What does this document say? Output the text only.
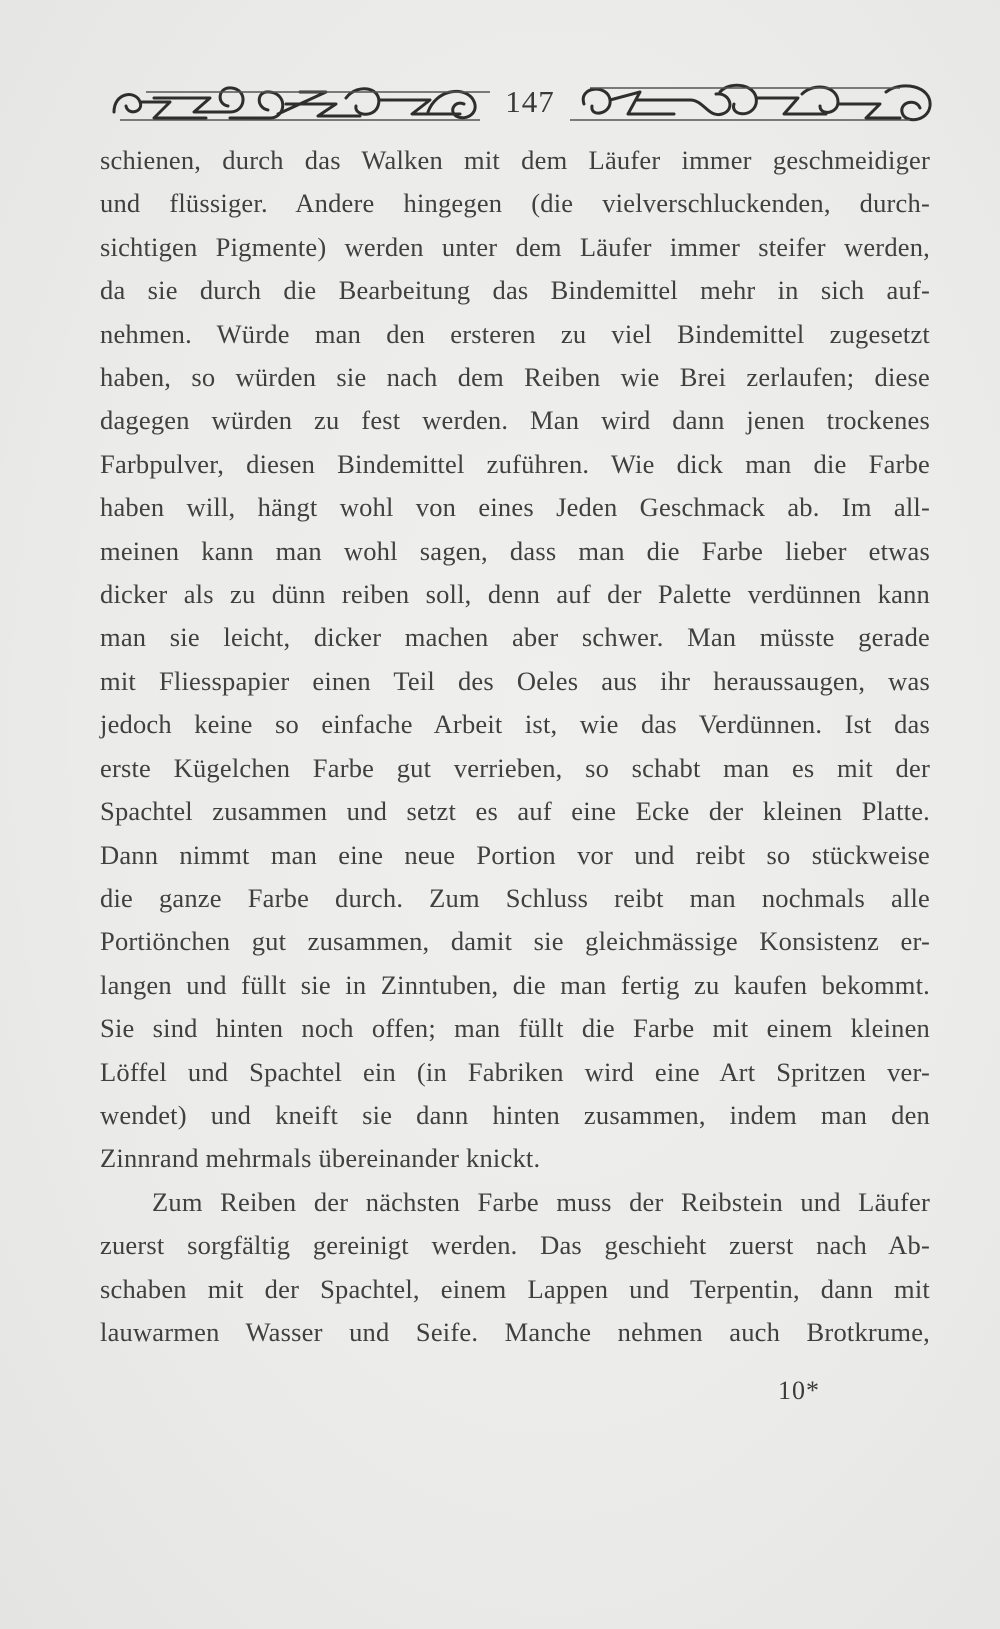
147

schienen, durch das Walken mit dem Läufer immer geschmeidiger

und flüssiger. Andere hingegen (die vielverschluckenden, durch-

sichtigen Pigmente) werden unter dem Läufer immer steifer werden,

da sie durch die Bearbeitung das Bindemittel mehr in sich auf-

nehmen. Würde man den ersteren zu viel Bindemittel zugesetzt

haben, so würden sie nach dem Reiben wie Brei zerlaufen; diese

dagegen würden zu fest werden. Man wird dann jenen trockenes

Farbpulver, diesen Bindemittel zuführen. Wie dick man die Farbe

haben will, hängt wohl von eines Jeden Geschmack ab. Im all-

meinen kann man wohl sagen, dass man die Farbe lieber etwas

dicker als zu dünn reiben soll, denn auf der Palette verdünnen kann

man sie leicht, dicker machen aber schwer. Man müsste gerade

mit Fliesspapier einen Teil des Oeles aus ihr heraussaugen, was

jedoch keine so einfache Arbeit ist, wie das Verdünnen. Ist das

erste Kügelchen Farbe gut verrieben, so schabt man es mit der

Spachtel zusammen und setzt es auf eine Ecke der kleinen Platte.

Dann nimmt man eine neue Portion vor und reibt so stückweise

die ganze Farbe durch. Zum Schluss reibt man nochmals alle

Portiönchen gut zusammen, damit sie gleichmässige Konsistenz er-

langen und füllt sie in Zinntuben, die man fertig zu kaufen bekommt.

Sie sind hinten noch offen; man füllt die Farbe mit einem kleinen

Löffel und Spachtel ein (in Fabriken wird eine Art Spritzen ver-

wendet) und kneift sie dann hinten zusammen, indem man den

Zinnrand mehrmals übereinander knickt.

Zum Reiben der nächsten Farbe muss der Reibstein und Läufer

zuerst sorgfältig gereinigt werden. Das geschieht zuerst nach Ab-

schaben mit der Spachtel, einem Lappen und Terpentin, dann mit

lauwarmen Wasser und Seife. Manche nehmen auch Brotkrume,

10*
